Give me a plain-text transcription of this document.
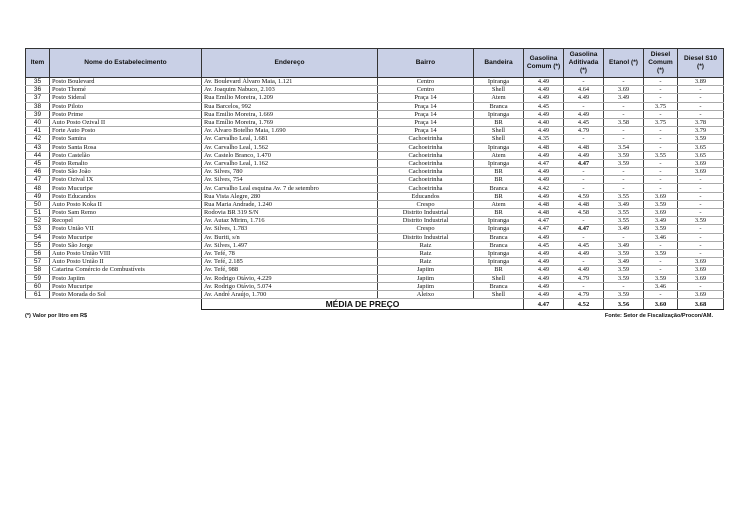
Item	Nome do Estabelecimento	Endereço	Bairro	Bandeira	Gasolina Comum (*)	Gasolina Aditivada (*)	Etanol (*)	Diesel Comum (*)	Diesel S10 (*)
35	Posto Boulevard	Av. Boulevard Álvaro Maia, 1.121	Centro	Ipiranga	4.49	-	-	-	3.89
36	Posto Thomé	Av. Joaquim Nabuco, 2.103	Centro	Shell	4.49	4.64	3.69	-	-
37	Posto Sideral	Rua Emilio Moreira, 1.209	Praça 14	Atem	4.49	4.49	3.49	-	-
38	Posto Piloto	Rua Barcelos, 992	Praça 14	Branca	4.45	-	-	3.75	-
39	Posto Prime	Rua Emilio Moreira, 1.669	Praça 14	Ipiranga	4.49	4.49	-	-	-
40	Auto Posto Ozival II	Rua Emílio Moreira, 1.769	Praça 14	BR	4.40	4.45	3.58	3.75	3.78
41	Forte Auto Posto	Av. Alvaro Botelho Maia, 1.690	Praça 14	Shell	4.49	4.79	-	-	3.79
42	Posto Samira	Av. Carvalho Leal, 1.681	Cachoeirinha	Shell	4.35	-	-	-	3.59
43	Posto Santa Rosa	Av. Carvalho Leal, 1.562	Cachoeirinha	Ipiranga	4.48	4.48	3.54	-	3.65
44	Posto Castelão	Av. Castelo Branco, 1.470	Cachoeirinha	Atem	4.49	4.49	3.59	3.55	3.65
45	Posto Renalto	Av. Carvalho Leal, 1.162	Cachoeirinha	Ipiranga	4.47	4.47	3.59	-	3.69
46	Posto São João	Av. Silves, 780	Cachoeirinha	BR	4.49	-	-	-	3.69
47	Posto Ozival IX	Av. Silves, 754	Cachoeirinha	BR	4.49	-	-	-	-
48	Posto Mucuripe	Av. Carvalho Leal esquina Av. 7 de setembro	Cachoeirinha	Branca	4.42	-	-	-	-
49	Posto Educandos	Rua Vista Alegre, 280	Educandos	BR	4.49	4.59	3.55	3.69	-
50	Auto Posto Koka II	Rua Maria Andrade, 1.240	Crespo	Atem	4.48	4.48	3.49	3.59	-
51	Posto Sam Remo	Rodovia BR 319 S/N	Distrito Industrial	BR	4.48	4.58	3.55	3.69	-
52	Recopel	Av. Autaz Mirim, 1.716	Distrito Industrial	Ipiranga	4.47	-	3.55	3.49	3.59
53	Posto União VII	Av. Silves, 1.783	Crespo	Ipiranga	4.47	4.47	3.49	3.59	-
54	Posto Mucuripe	Av. Buriti, s/n	Distrito Industrial	Branca	4.49	-	-	3.46	-
55	Posto São Jorge	Av. Silves, 1.497	Raiz	Branca	4.45	4.45	3.49	-	-
56	Auto Posto União VIII	Av. Tefé, 78	Raiz	Ipiranga	4.49	4.49	3.59	3.59	-
57	Auto Posto União II	Av. Tefé, 2.185	Raiz	Ipiranga	4.49	-	3.49	-	3.69
58	Catarina Comércio de Combustíveis	Av. Tefé, 988	Japiim	BR	4.49	4.49	3.59	-	3.69
59	Posto Japiim	Av. Rodrigo Otávio, 4.229	Japiim	Shell	4.49	4.79	3.59	3.59	3.69
60	Posto Mucuripe	Av. Rodrigo Otávio, 5.074	Japiim	Branca	4.49	-	-	3.46	-
61	Posto Morada do Sol	Av. André Araújo, 1.700	Aleixo	Shell	4.49	4.79	3.59	-	3.69
		MÉDIA DE PREÇO			4.47	4.52	3.56	3.60	3.68
(*) Valor por litro em R$	Fonte: Setor de Fiscalização/Procon/AM.
